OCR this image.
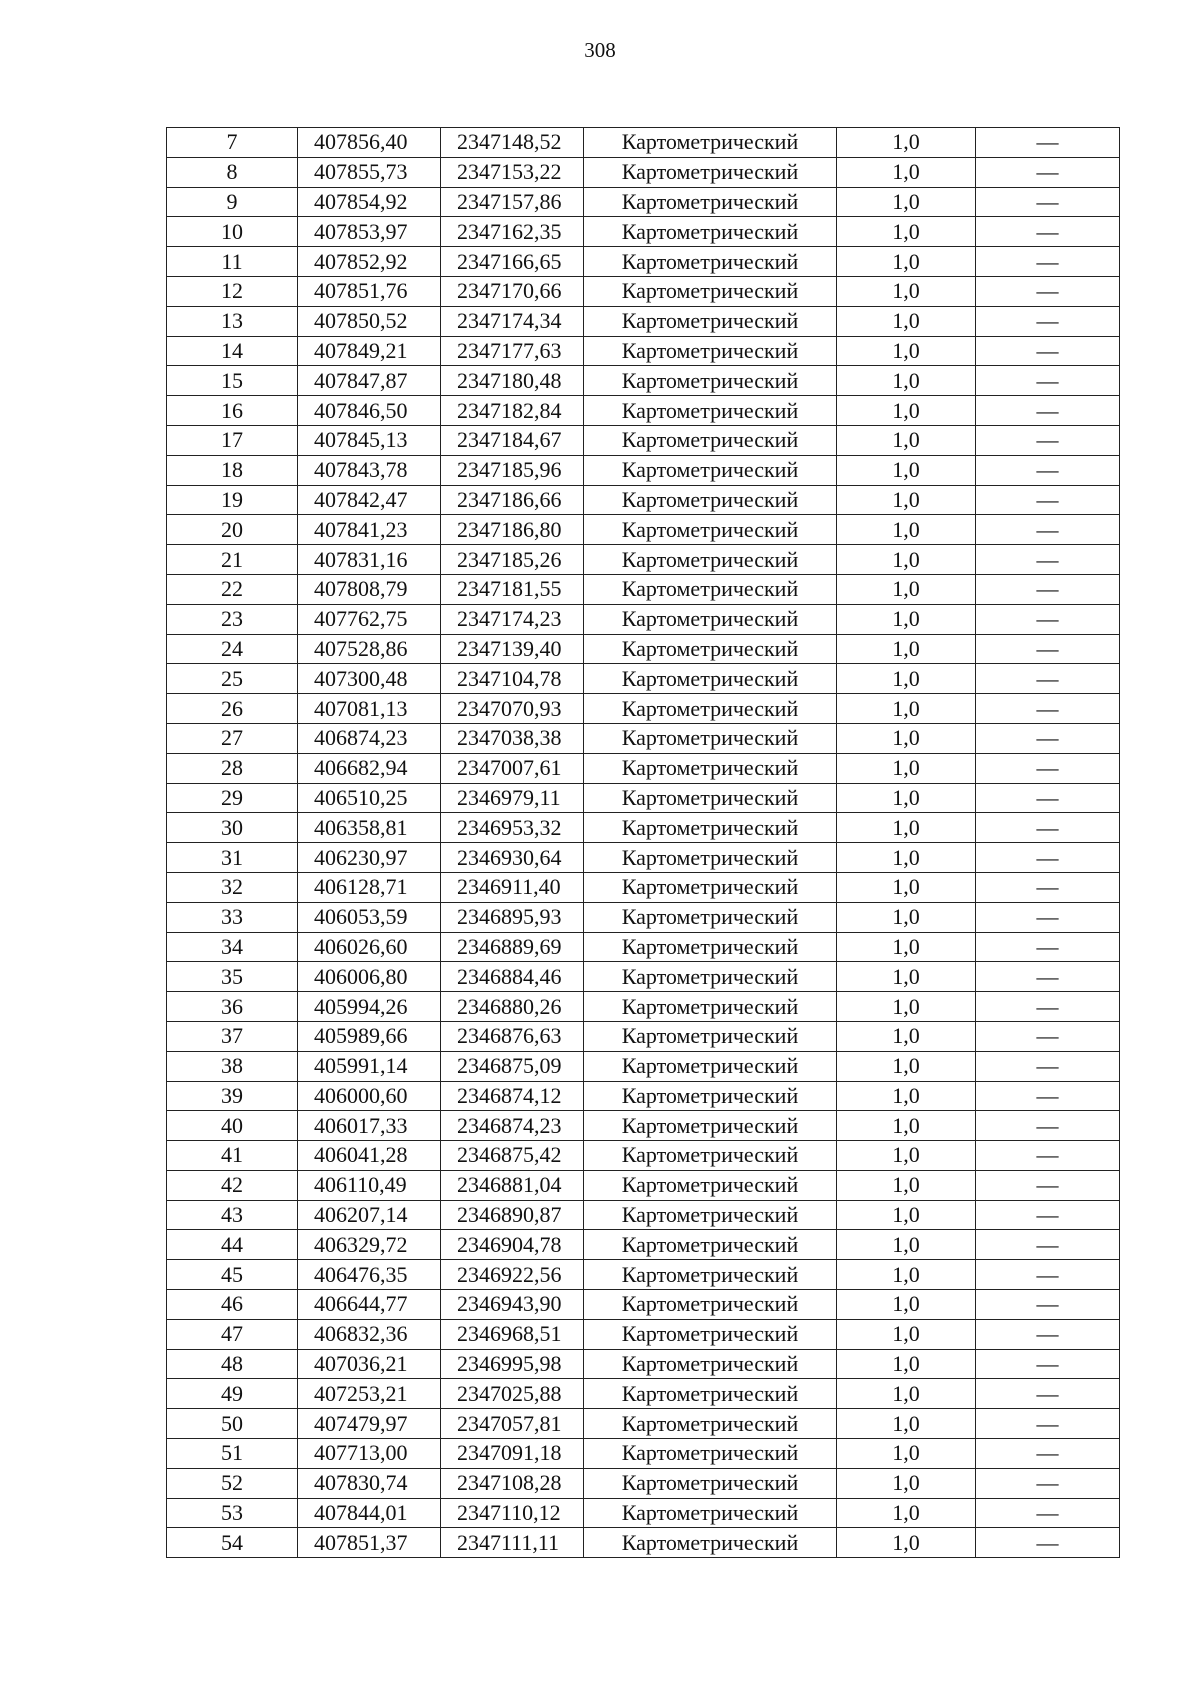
308
7	407856,40	2347148,52	Картометрический	1,0	—
8	407855,73	2347153,22	Картометрический	1,0	—
9	407854,92	2347157,86	Картометрический	1,0	—
10	407853,97	2347162,35	Картометрический	1,0	—
11	407852,92	2347166,65	Картометрический	1,0	—
12	407851,76	2347170,66	Картометрический	1,0	—
13	407850,52	2347174,34	Картометрический	1,0	—
14	407849,21	2347177,63	Картометрический	1,0	—
15	407847,87	2347180,48	Картометрический	1,0	—
16	407846,50	2347182,84	Картометрический	1,0	—
17	407845,13	2347184,67	Картометрический	1,0	—
18	407843,78	2347185,96	Картометрический	1,0	—
19	407842,47	2347186,66	Картометрический	1,0	—
20	407841,23	2347186,80	Картометрический	1,0	—
21	407831,16	2347185,26	Картометрический	1,0	—
22	407808,79	2347181,55	Картометрический	1,0	—
23	407762,75	2347174,23	Картометрический	1,0	—
24	407528,86	2347139,40	Картометрический	1,0	—
25	407300,48	2347104,78	Картометрический	1,0	—
26	407081,13	2347070,93	Картометрический	1,0	—
27	406874,23	2347038,38	Картометрический	1,0	—
28	406682,94	2347007,61	Картометрический	1,0	—
29	406510,25	2346979,11	Картометрический	1,0	—
30	406358,81	2346953,32	Картометрический	1,0	—
31	406230,97	2346930,64	Картометрический	1,0	—
32	406128,71	2346911,40	Картометрический	1,0	—
33	406053,59	2346895,93	Картометрический	1,0	—
34	406026,60	2346889,69	Картометрический	1,0	—
35	406006,80	2346884,46	Картометрический	1,0	—
36	405994,26	2346880,26	Картометрический	1,0	—
37	405989,66	2346876,63	Картометрический	1,0	—
38	405991,14	2346875,09	Картометрический	1,0	—
39	406000,60	2346874,12	Картометрический	1,0	—
40	406017,33	2346874,23	Картометрический	1,0	—
41	406041,28	2346875,42	Картометрический	1,0	—
42	406110,49	2346881,04	Картометрический	1,0	—
43	406207,14	2346890,87	Картометрический	1,0	—
44	406329,72	2346904,78	Картометрический	1,0	—
45	406476,35	2346922,56	Картометрический	1,0	—
46	406644,77	2346943,90	Картометрический	1,0	—
47	406832,36	2346968,51	Картометрический	1,0	—
48	407036,21	2346995,98	Картометрический	1,0	—
49	407253,21	2347025,88	Картометрический	1,0	—
50	407479,97	2347057,81	Картометрический	1,0	—
51	407713,00	2347091,18	Картометрический	1,0	—
52	407830,74	2347108,28	Картометрический	1,0	—
53	407844,01	2347110,12	Картометрический	1,0	—
54	407851,37	2347111,11	Картометрический	1,0	—
